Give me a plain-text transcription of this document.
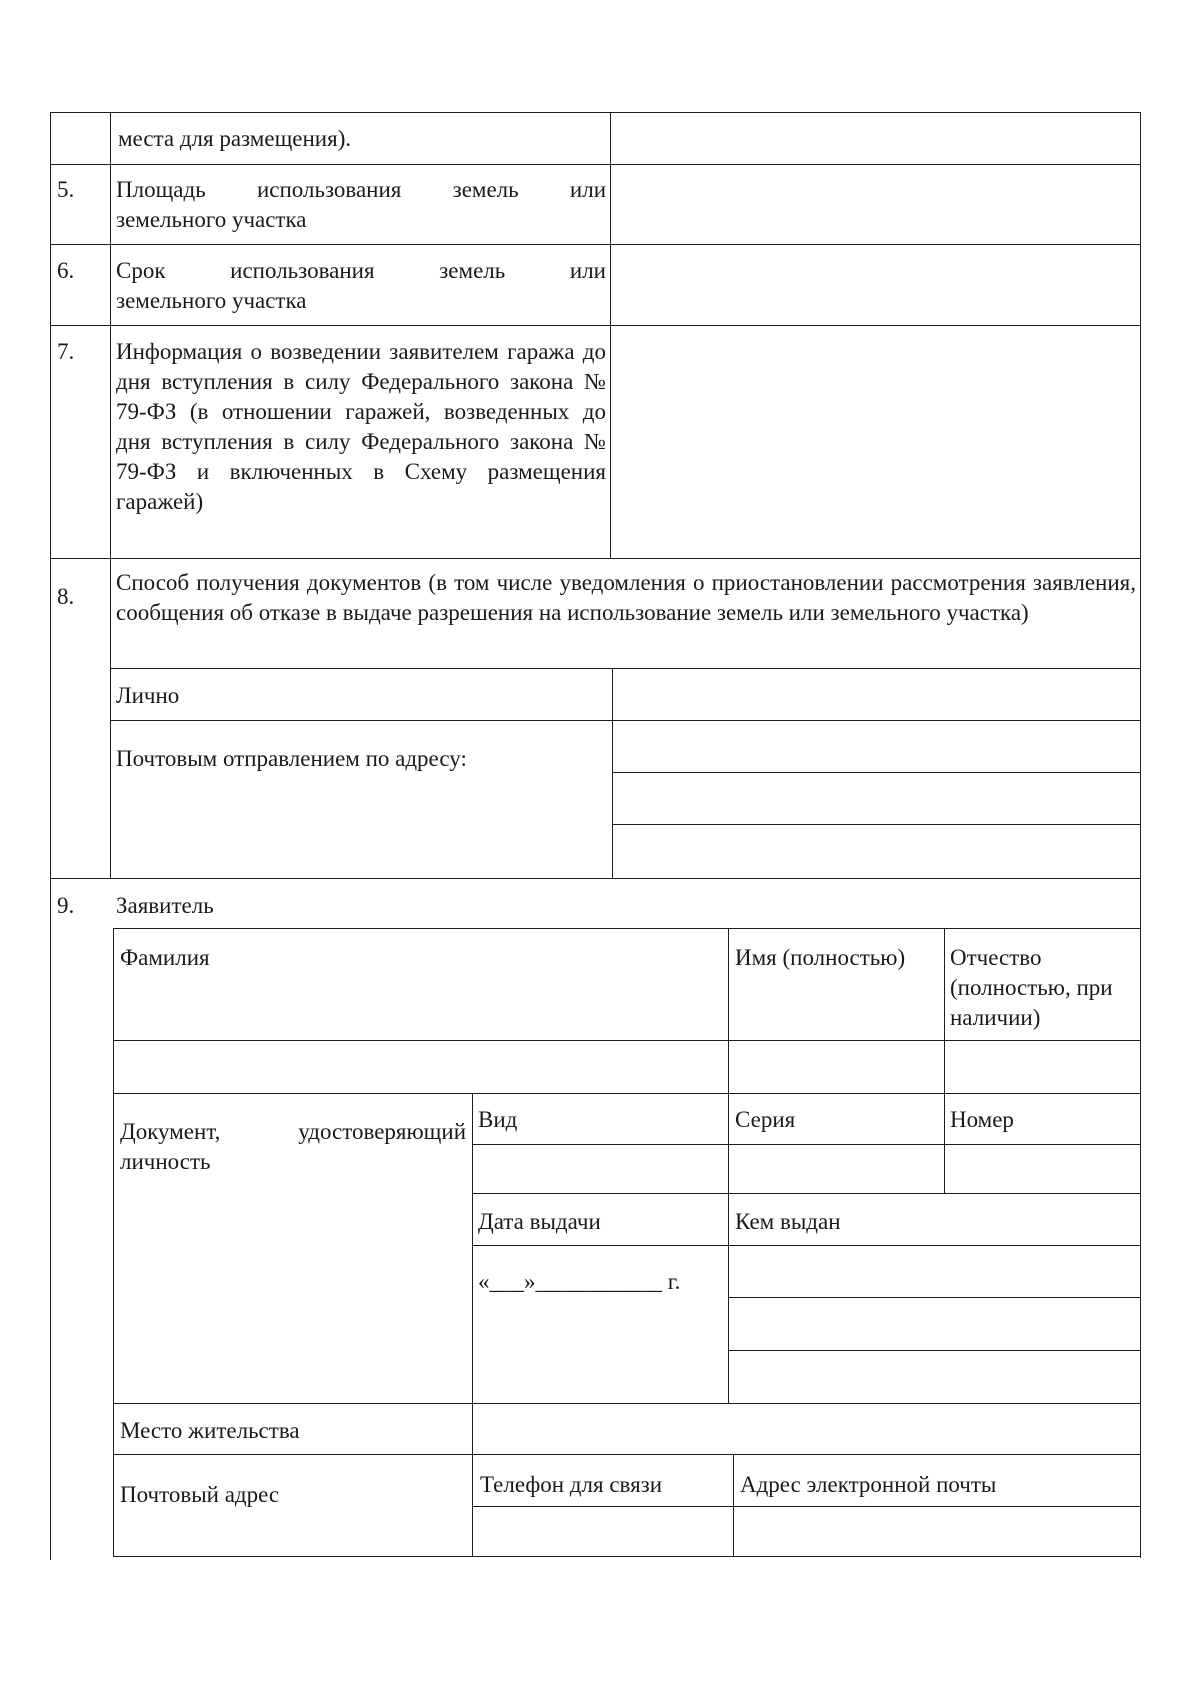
места для размещения).

5. Площадь использования земель или

земельного участка

6. Срок использования земель или

земельного участка

7. Информация о возведении заявителем гаража до дня вступления в силу Федерального закона № 79-ФЗ (в отношении гаражей, возведенных до дня вступления в силу Федерального закона № 79-ФЗ и включенных в Схему размещения гаражей)

8.

Способ получения документов (в том числе уведомления о приостановлении рассмотрения заявления, сообщения об отказе в выдаче разрешения на использование земель или земельного участка)

Лично

Почтовым отправлением по адресу:

9. Заявитель

Фамилия	Имя (полностью)	Отчество (полностью, при наличии)

Документ, удостоверяющий личность

Вид	Серия	Номер

Дата выдачи	Кем выдан

«___»___________ г.

Место жительства

Почтовый адрес	Телефон для связи	Адрес электронной почты
